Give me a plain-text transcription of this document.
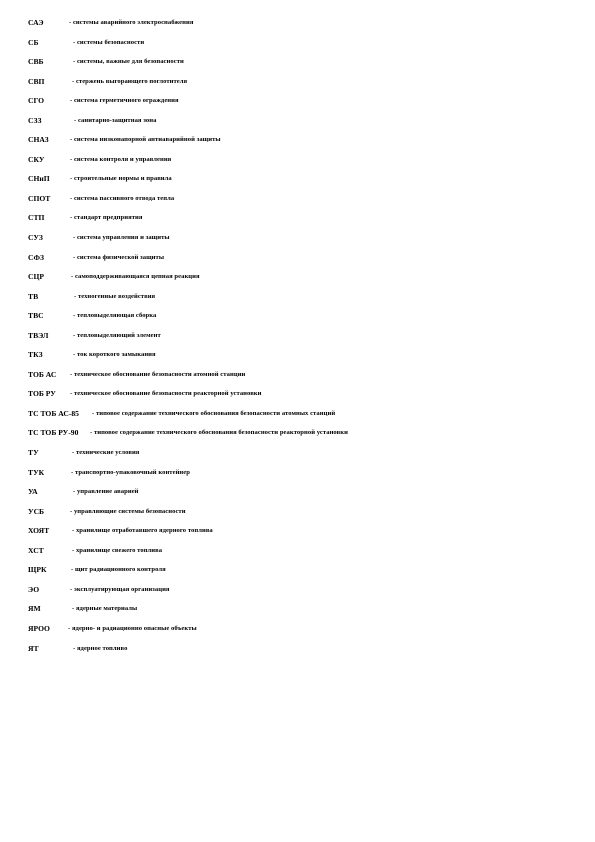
САЭ	- системы аварийного электроснабжения
СБ	- системы безопасности
СВБ	- системы, важные для безопасности
СВП	- стержень выгорающего поглотителя
СГО	- система герметичного ограждения
СЗЗ	- санитарно-защитная зона
СНАЗ	- система низконапорной антиаварийной защиты
СКУ	- система контроля и управления
СНиП	- строительные нормы и правила
СПОТ	- система пассивного отвода тепла
СТП	- стандарт предприятия
СУЗ	- система управления и защиты
СФЗ	- система физической защиты
СЦР	- самоподдерживающаяся цепная реакция
ТВ	- техногенные воздействия
ТВС	- тепловыделяющая сборка
ТВЭЛ	- тепловыделяющий элемент
ТКЗ	- ток короткого замыкания
ТОБ АС - техническое обоснование безопасности атомной станции
ТОБ РУ - техническое обоснование безопасности реакторной установки
ТС ТОБ АС-85 - типовое содержание технического обоснования безопасности атомных станций
ТС ТОБ РУ-90 - типовое содержание технического обоснования безопасности реакторной установки
ТУ	- технические условия
ТУК	- транспортно-упаковочный контейнер
УА	- управление аварией
УСБ	- управляющие системы безопасности
ХОЯТ	- хранилище отработавшего ядерного топлива
ХСТ	- хранилище свежего топлива
ЩРК	- щит радиационного контроля
ЭО	- эксплуатирующая организация
ЯМ	- ядерные материалы
ЯРОО	- ядерно- и радиационно опасные объекты
ЯТ	- ядерное топливо
